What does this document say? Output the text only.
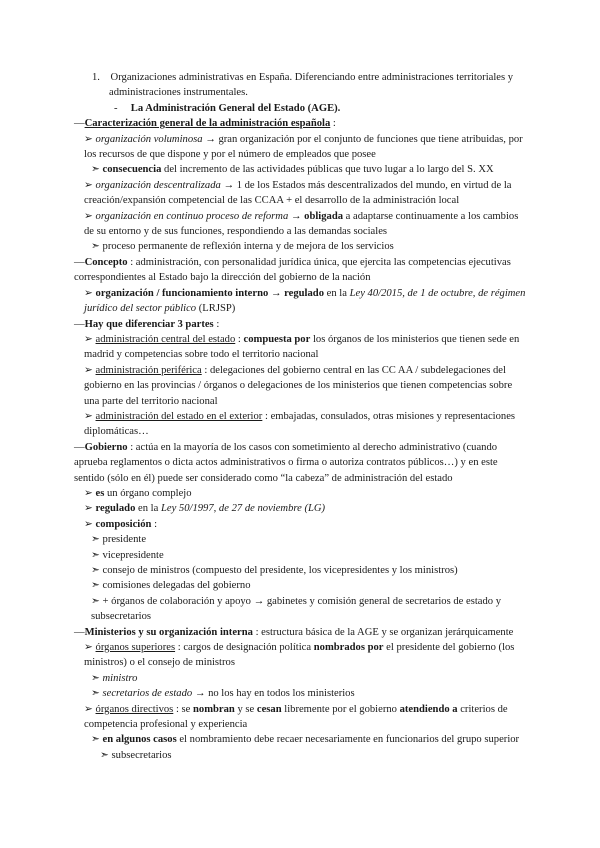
1. Organizaciones administrativas en España. Diferenciando entre administraciones territoriales y administraciones instrumentales.
- La Administración General del Estado (AGE).
—Caracterización general de la administración española :
➢ organización voluminosa → gran organización por el conjunto de funciones que tiene atribuidas, por los recursos de que dispone y por el número de empleados que posee
➣ consecuencia del incremento de las actividades públicas que tuvo lugar a lo largo del S. XX
➢ organización descentralizada → 1 de los Estados más descentralizados del mundo, en virtud de la creación/expansión competencial de las CCAA + el desarrollo de la administración local
➢ organización en continuo proceso de reforma → obligada a adaptarse continuamente a los cambios de su entorno y de sus funciones, respondiendo a las demandas sociales
➣ proceso permanente de reflexión interna y de mejora de los servicios
—Concepto : administración, con personalidad jurídica única, que ejercita las competencias ejecutivas correspondientes al Estado bajo la dirección del gobierno de la nación
➢ organización / funcionamiento interno → regulado en la Ley 40/2015, de 1 de octubre, de régimen jurídico del sector público (LRJSP)
—Hay que diferenciar 3 partes :
➢ administración central del estado : compuesta por los órganos de los ministerios que tienen sede en madrid y competencias sobre todo el territorio nacional
➢ administración periférica : delegaciones del gobierno central en las CC AA / subdelegaciones del gobierno en las provincias / órganos o delegaciones de los ministerios que tienen competencias sobre una parte del territorio nacional
➢ administración del estado en el exterior : embajadas, consulados, otras misiones y representaciones diplomáticas…
—Gobierno : actúa en la mayoría de los casos con sometimiento al derecho administrativo (cuando aprueba reglamentos o dicta actos administrativos o firma o autoriza contratos públicos…) y en este sentido (sólo en él) puede ser considerado como “la cabeza” de administración del estado
➢ es un órgano complejo
➢ regulado en la Ley 50/1997, de 27 de noviembre (LG)
➢ composición :
➣ presidente
➣ vicepresidente
➣ consejo de ministros (compuesto del presidente, los vicepresidentes y los ministros)
➣ comisiones delegadas del gobierno
➣ + órganos de colaboración y apoyo → gabinetes y comisión general de secretarios de estado y subsecretarios
—Ministerios y su organización interna : estructura básica de la AGE y se organizan jerárquicamente
➢ órganos superiores : cargos de designación política nombrados por el presidente del gobierno (los ministros) o el consejo de ministros
➣ ministro
➣ secretarios de estado → no los hay en todos los ministerios
➢ órganos directivos : se nombran y se cesan libremente por el gobierno atendiendo a criterios de competencia profesional y experiencia
➣ en algunos casos el nombramiento debe recaer necesariamente en funcionarios del grupo superior
➣ subsecretarios
